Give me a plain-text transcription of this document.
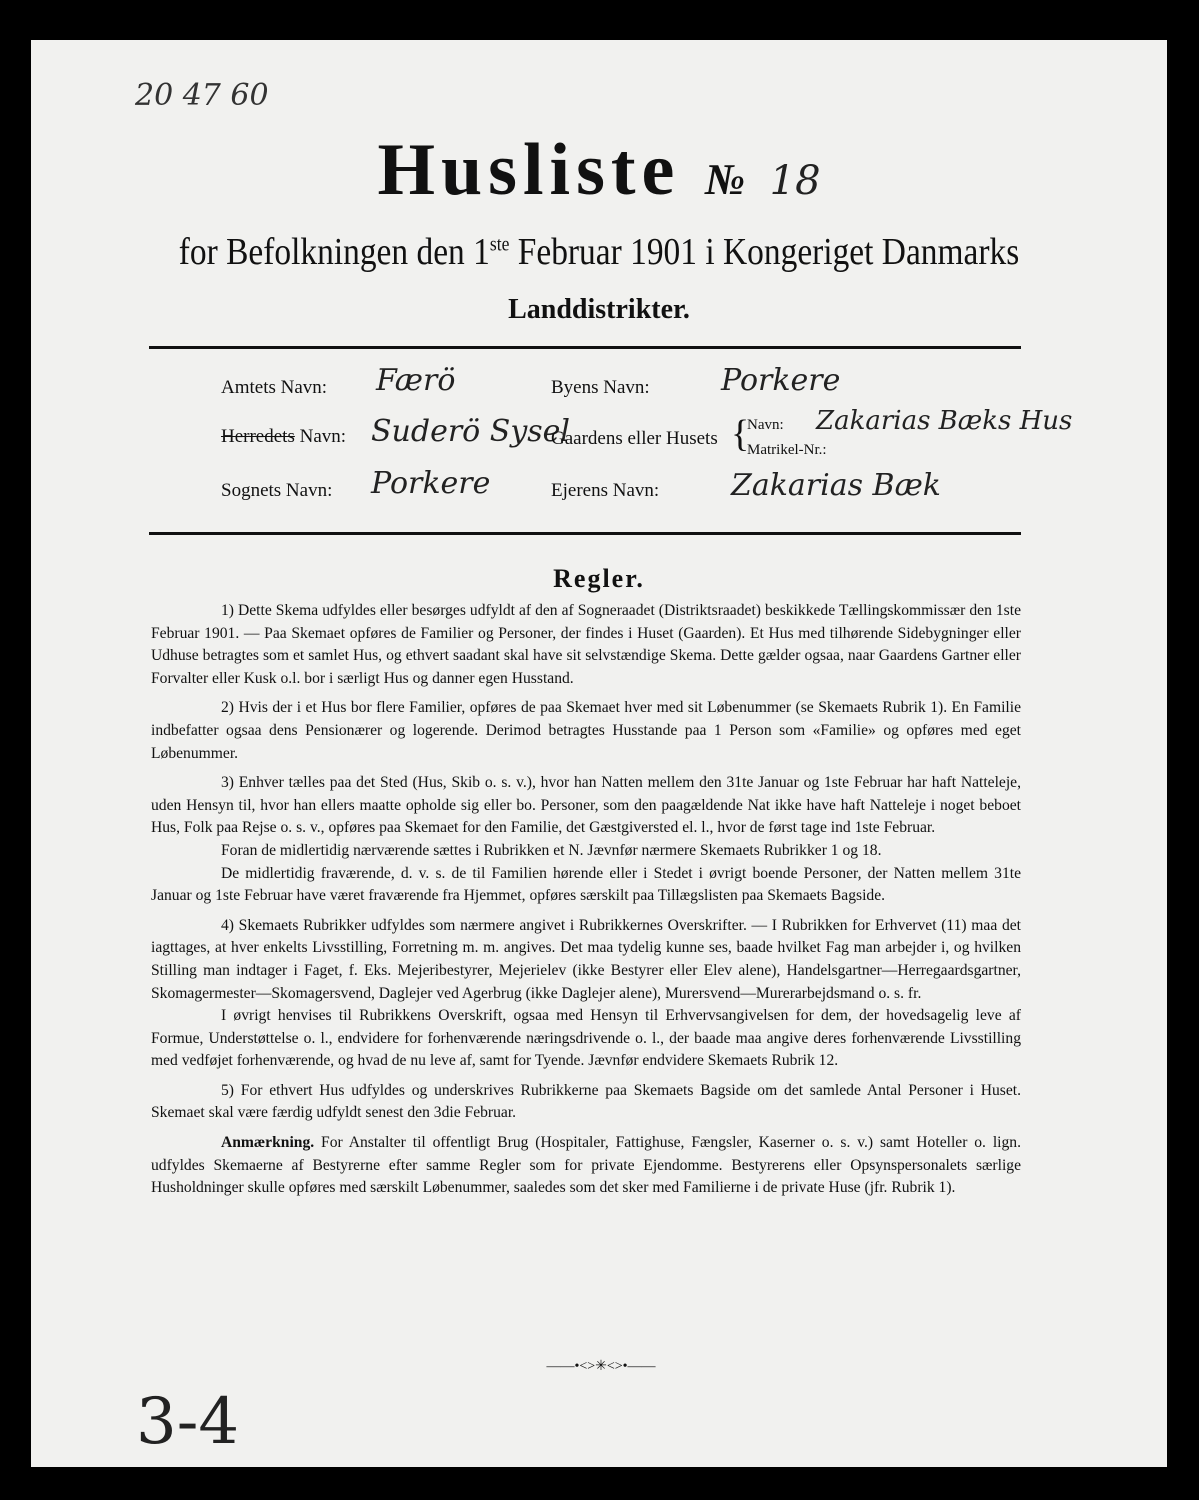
20 47 60
Husliste № 18
for Befolkningen den 1ste Februar 1901 i Kongeriget Danmarks
Landdistrikter.
Amtets Navn: Færö	Byens Navn: Porkere
Herredets Navn: Suderö Sysel
Gaardens eller Husets {
Navn: Zakarias Bæks Hus
Matrikel-Nr.:
Sognets Navn: Porkere	Ejerens Navn: Zakarias Bæk
Regler.

1) Dette Skema udfyldes eller besørges udfyldt af den af Sogneraadet (Distriktsraadet) beskikkede Tællingskommissær den 1ste Februar 1901. — Paa Skemaet opføres de Familier og Personer, der findes i Huset (Gaarden). Et Hus med tilhørende Sidebygninger eller Udhuse betragtes som et samlet Hus, og ethvert saadant skal have sit selvstændige Skema. Dette gælder ogsaa, naar Gaardens Gartner eller Forvalter eller Kusk o.l. bor i særligt Hus og danner egen Husstand.

2) Hvis der i et Hus bor flere Familier, opføres de paa Skemaet hver med sit Løbenummer (se Skemaets Rubrik 1). En Familie indbefatter ogsaa dens Pensionærer og logerende. Derimod betragtes Husstande paa 1 Person som «Familie» og opføres med eget Løbenummer.

3) Enhver tælles paa det Sted (Hus, Skib o. s. v.), hvor han Natten mellem den 31te Januar og 1ste Februar har haft Natteleje, uden Hensyn til, hvor han ellers maatte opholde sig eller bo. Personer, som den paagældende Nat ikke have haft Natteleje i noget beboet Hus, Folk paa Rejse o. s. v., opføres paa Skemaet for den Familie, det Gæstgiversted el. l., hvor de først tage ind 1ste Februar.

Foran de midlertidig nærværende sættes i Rubrikken et N. Jævnfør nærmere Skemaets Rubrikker 1 og 18.

De midlertidig fraværende, d. v. s. de til Familien hørende eller i Stedet i øvrigt boende Personer, der Natten mellem 31te Januar og 1ste Februar have været fraværende fra Hjemmet, opføres særskilt paa Tillægslisten paa Skemaets Bagside.

4) Skemaets Rubrikker udfyldes som nærmere angivet i Rubrikkernes Overskrifter. — I Rubrikken for Erhvervet (11) maa det iagttages, at hver enkelts Livsstilling, Forretning m. m. angives. Det maa tydelig kunne ses, baade hvilket Fag man arbejder i, og hvilken Stilling man indtager i Faget, f. Eks. Mejeribestyrer, Mejerielev (ikke Bestyrer eller Elev alene), Handelsgartner—Herregaardsgartner, Skomagermester—Skomagersvend, Daglejer ved Agerbrug (ikke Daglejer alene), Murersvend—Murerarbejdsmand o. s. fr.

I øvrigt henvises til Rubrikkens Overskrift, ogsaa med Hensyn til Erhvervsangivelsen for dem, der hovedsagelig leve af Formue, Understøttelse o. l., endvidere for forhenværende næringsdrivende o. l., der baade maa angive deres forhenværende Livsstilling med vedføjet forhenværende, og hvad de nu leve af, samt for Tyende. Jævnfør endvidere Skemaets Rubrik 12.

5) For ethvert Hus udfyldes og underskrives Rubrikkerne paa Skemaets Bagside om det samlede Antal Personer i Huset. Skemaet skal være færdig udfyldt senest den 3die Februar.

Anmærkning. For Anstalter til offentligt Brug (Hospitaler, Fattighuse, Fængsler, Kaserner o. s. v.) samt Hoteller o. lign. udfyldes Skemaerne af Bestyrerne efter samme Regler som for private Ejendomme. Bestyrerens eller Opsynspersonalets særlige Husholdninger skulle opføres med særskilt Løbenummer, saaledes som det sker med Familierne i de private Huse (jfr. Rubrik 1).

——•<>✳<>•——
3-4
